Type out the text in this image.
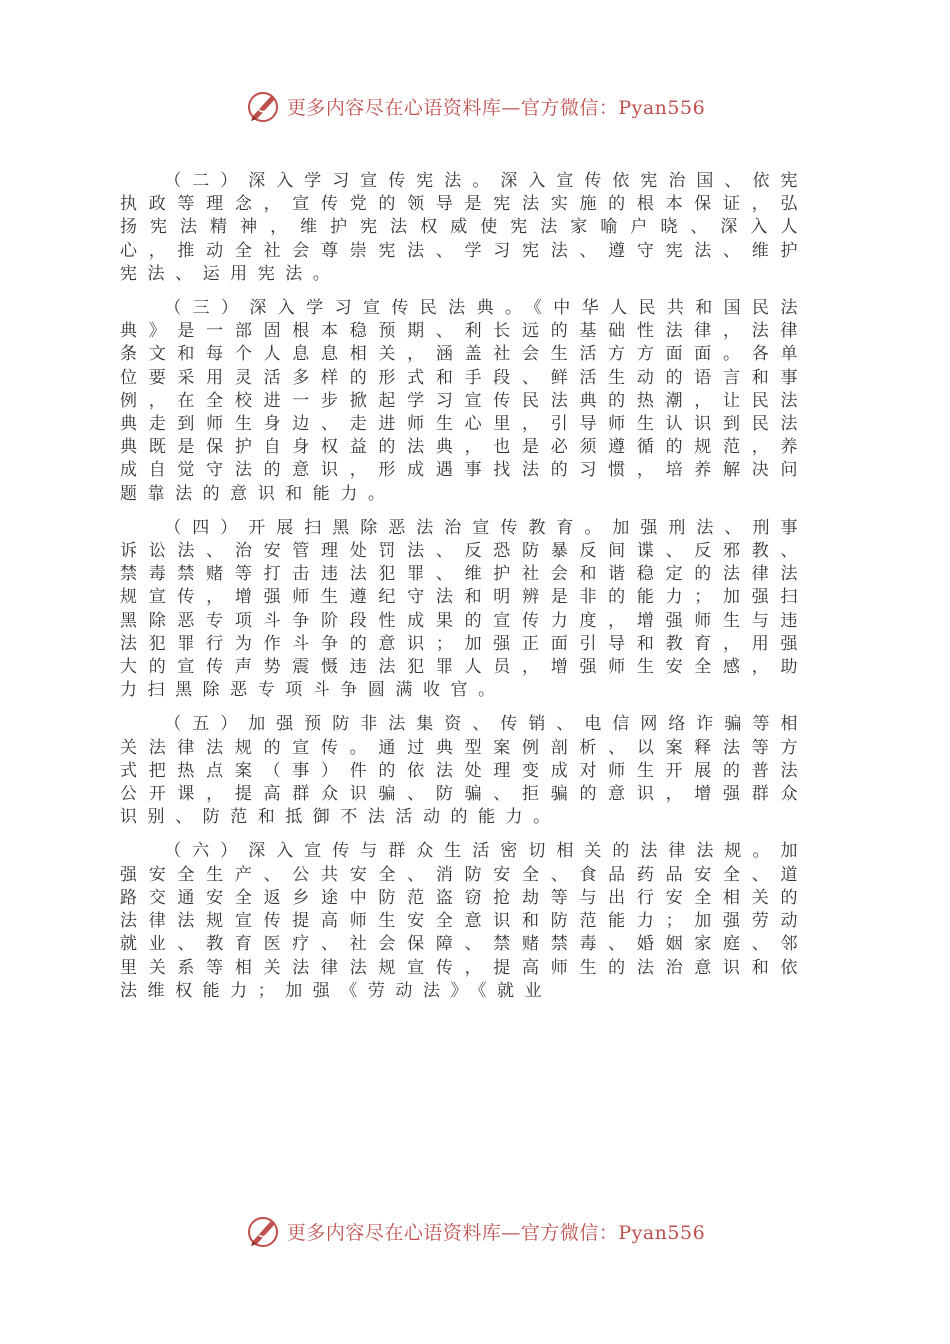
更多内容尽在心语资料库—官方微信：Pyan556

（二）深入学习宣传宪法。深入宣传依宪治国、依宪执政等理念，宣传党的领导是宪法实施的根本保证，弘扬宪法精神，维护宪法权威使宪法家喻户晓、深入人心，推动全社会尊崇宪法、学习宪法、遵守宪法、维护宪法、运用宪法。

（三）深入学习宣传民法典。《中华人民共和国民法典》是一部固根本稳预期、利长远的基础性法律，法律条文和每个人息息相关，涵盖社会生活方方面面。各单位要采用灵活多样的形式和手段、鲜活生动的语言和事例，在全校进一步掀起学习宣传民法典的热潮，让民法典走到师生身边、走进师生心里，引导师生认识到民法典既是保护自身权益的法典，也是必须遵循的规范，养成自觉守法的意识，形成遇事找法的习惯，培养解决问题靠法的意识和能力。

（四）开展扫黑除恶法治宣传教育。加强刑法、刑事诉讼法、治安管理处罚法、反恐防暴反间谍、反邪教、禁毒禁赌等打击违法犯罪、维护社会和谐稳定的法律法规宣传，增强师生遵纪守法和明辨是非的能力；加强扫黑除恶专项斗争阶段性成果的宣传力度，增强师生与违法犯罪行为作斗争的意识；加强正面引导和教育，用强大的宣传声势震慑违法犯罪人员，增强师生安全感，助力扫黑除恶专项斗争圆满收官。

（五）加强预防非法集资、传销、电信网络诈骗等相关法律法规的宣传。通过典型案例剖析、以案释法等方式把热点案（事）件的依法处理变成对师生开展的普法公开课，提高群众识骗、防骗、拒骗的意识，增强群众识别、防范和抵御不法活动的能力。

（六）深入宣传与群众生活密切相关的法律法规。加强安全生产、公共安全、消防安全、食品药品安全、道路交通安全返乡途中防范盗窃抢劫等与出行安全相关的法律法规宣传提高师生安全意识和防范能力；加强劳动就业、教育医疗、社会保障、禁赌禁毒、婚姻家庭、邻里关系等相关法律法规宣传，提高师生的法治意识和依法维权能力；加强《劳动法》《就业

更多内容尽在心语资料库—官方微信：Pyan556
